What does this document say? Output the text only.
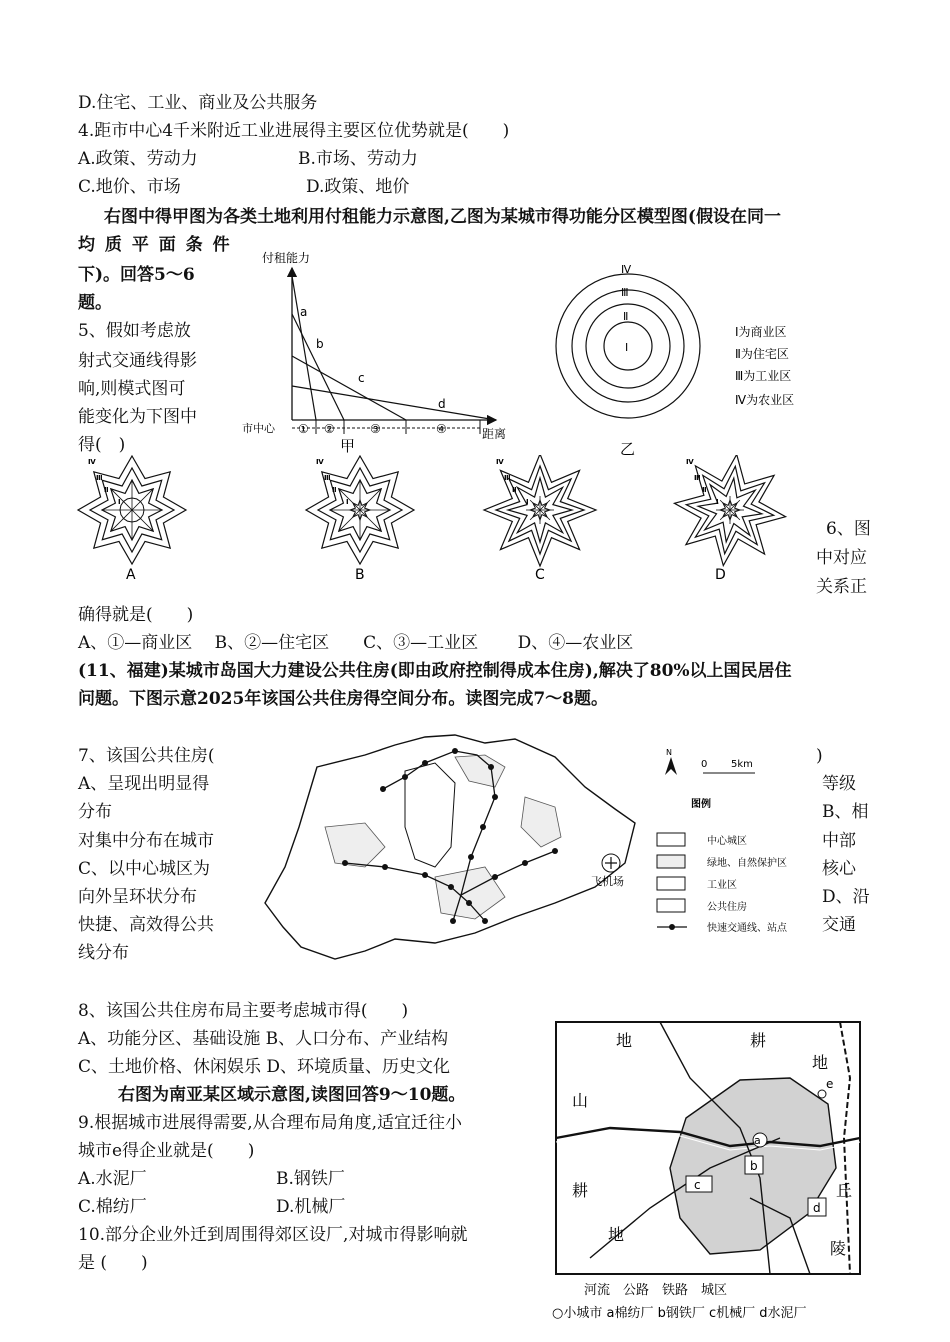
D.住宅、工业、商业及公共服务
4.距市中心4千米附近工业进展得主要区位优势就是(　　)
A.政策、劳动力	B.市场、劳动力
C.地价、市场	D.政策、地价
右图中得甲图为各类土地利用付租能力示意图,乙图为某城市得功能分区模型图(假设在同一
均 质 平 面 条 件
下)。回答5～6
题。
5、假如考虑放
射式交通线得影
响,则模式图可
能变化为下图中
得(　)
6、图
中对应
关系正
确得就是(　　)
A、①—商业区　 B、②—住宅区　　C、③—工业区　　 D、④—农业区
(11、福建)某城市岛国大力建设公共住房(即由政府控制得成本住房),解决了80%以上国民居住
问题。下图示意2025年该国公共住房得空间分布。读图完成7～8题。
7、该国公共住房(	)
A、呈现出明显得	等级
分布	B、相
对集中分布在城市	中部
C、以中心城区为	核心
向外呈环状分布	D、沿
快捷、高效得公共	交通
线分布
8、该国公共住房布局主要考虑城市得(　　)
A、功能分区、基础设施 B、人口分布、产业结构
C、土地价格、休闲娱乐 D、环境质量、历史文化
右图为南亚某区域示意图,读图回答9～10题。
9.根据城市进展得需要,从合理布局角度,适宜迁往小
城市e得企业就是(　　)
A.水泥厂	B.钢铁厂
C.棉纺厂	D.机械厂
10.部分企业外迁到周围得郊区设厂,对城市得影响就
是 (　　)
付租能力
a
b
c
d
市中心 ① ②	③	④	距离
甲
Ⅳ
Ⅲ
Ⅱ
Ⅰ
Ⅰ为商业区
Ⅱ为住宅区
Ⅲ为工业区
Ⅳ为农业区
乙
Ⅳ
Ⅲ
Ⅱ
Ⅰ
Ⅳ
Ⅲ
Ⅱ
Ⅰ
Ⅳ
Ⅲ
Ⅱ
Ⅰ
Ⅳ
Ⅲ
Ⅱ
Ⅰ
A	B	C	D
飞机场
N
0 5km
图例
中心城区
绿地、自然保护区
工业区
公共住房
快速交通线、站点
a
b
c
d
e
地	耕
地
山
耕	丘
地
陵
河流　公路　铁路　城区
○小城市 a棉纺厂 b钢铁厂 c机械厂 d水泥厂
